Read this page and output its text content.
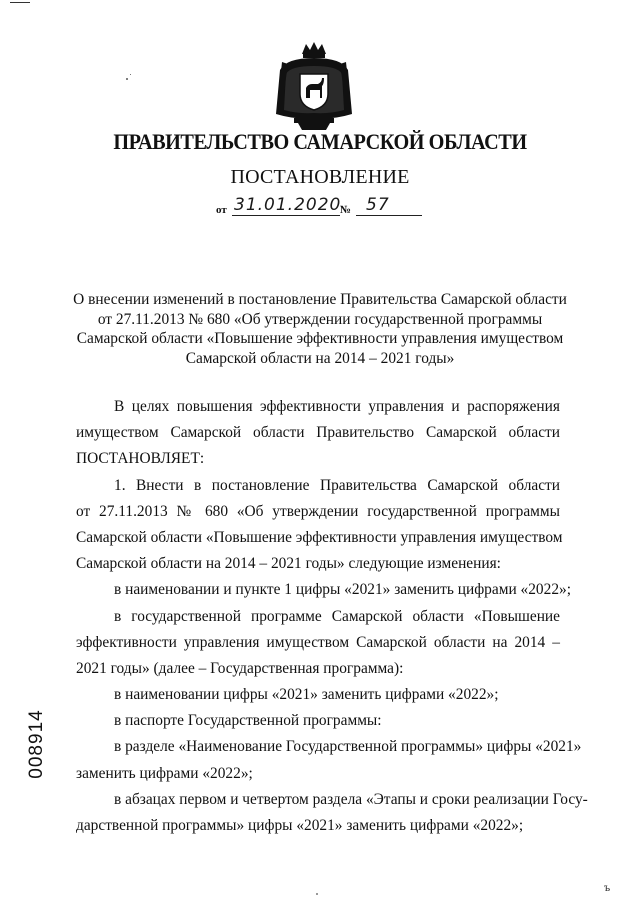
ПРАВИТЕЛЬСТВО САМАРСКОЙ ОБЛАСТИ
ПОСТАНОВЛЕНИЕ
от 31.01.2020
№ 57
О внесении изменений в постановление Правительства Самарской области
от 27.11.2013 № 680 «Об утверждении государственной программы
Самарской области «Повышение эффективности управления имуществом
Самарской области на 2014 – 2021 годы»
В целях повышения эффективности управления и распоряжения
имуществом Самарской области Правительство Самарской области
ПОСТАНОВЛЯЕТ:
1. Внести в постановление Правительства Самарской области
от 27.11.2013 № 680 «Об утверждении государственной программы
Самарской области «Повышение эффективности управления имуществом
Самарской области на 2014 – 2021 годы» следующие изменения:
в наименовании и пункте 1 цифры «2021» заменить цифрами «2022»;
в государственной программе Самарской области «Повышение
эффективности управления имуществом Самарской области на 2014 –
2021 годы» (далее – Государственная программа):
в наименовании цифры «2021» заменить цифрами «2022»;
в паспорте Государственной программы:
в разделе «Наименование Государственной программы» цифры «2021»
заменить цифрами «2022»;
в абзацах первом и четвертом раздела «Этапы и сроки реализации Госу-
дарственной программы» цифры «2021» заменить цифрами «2022»;
008914
ъ
